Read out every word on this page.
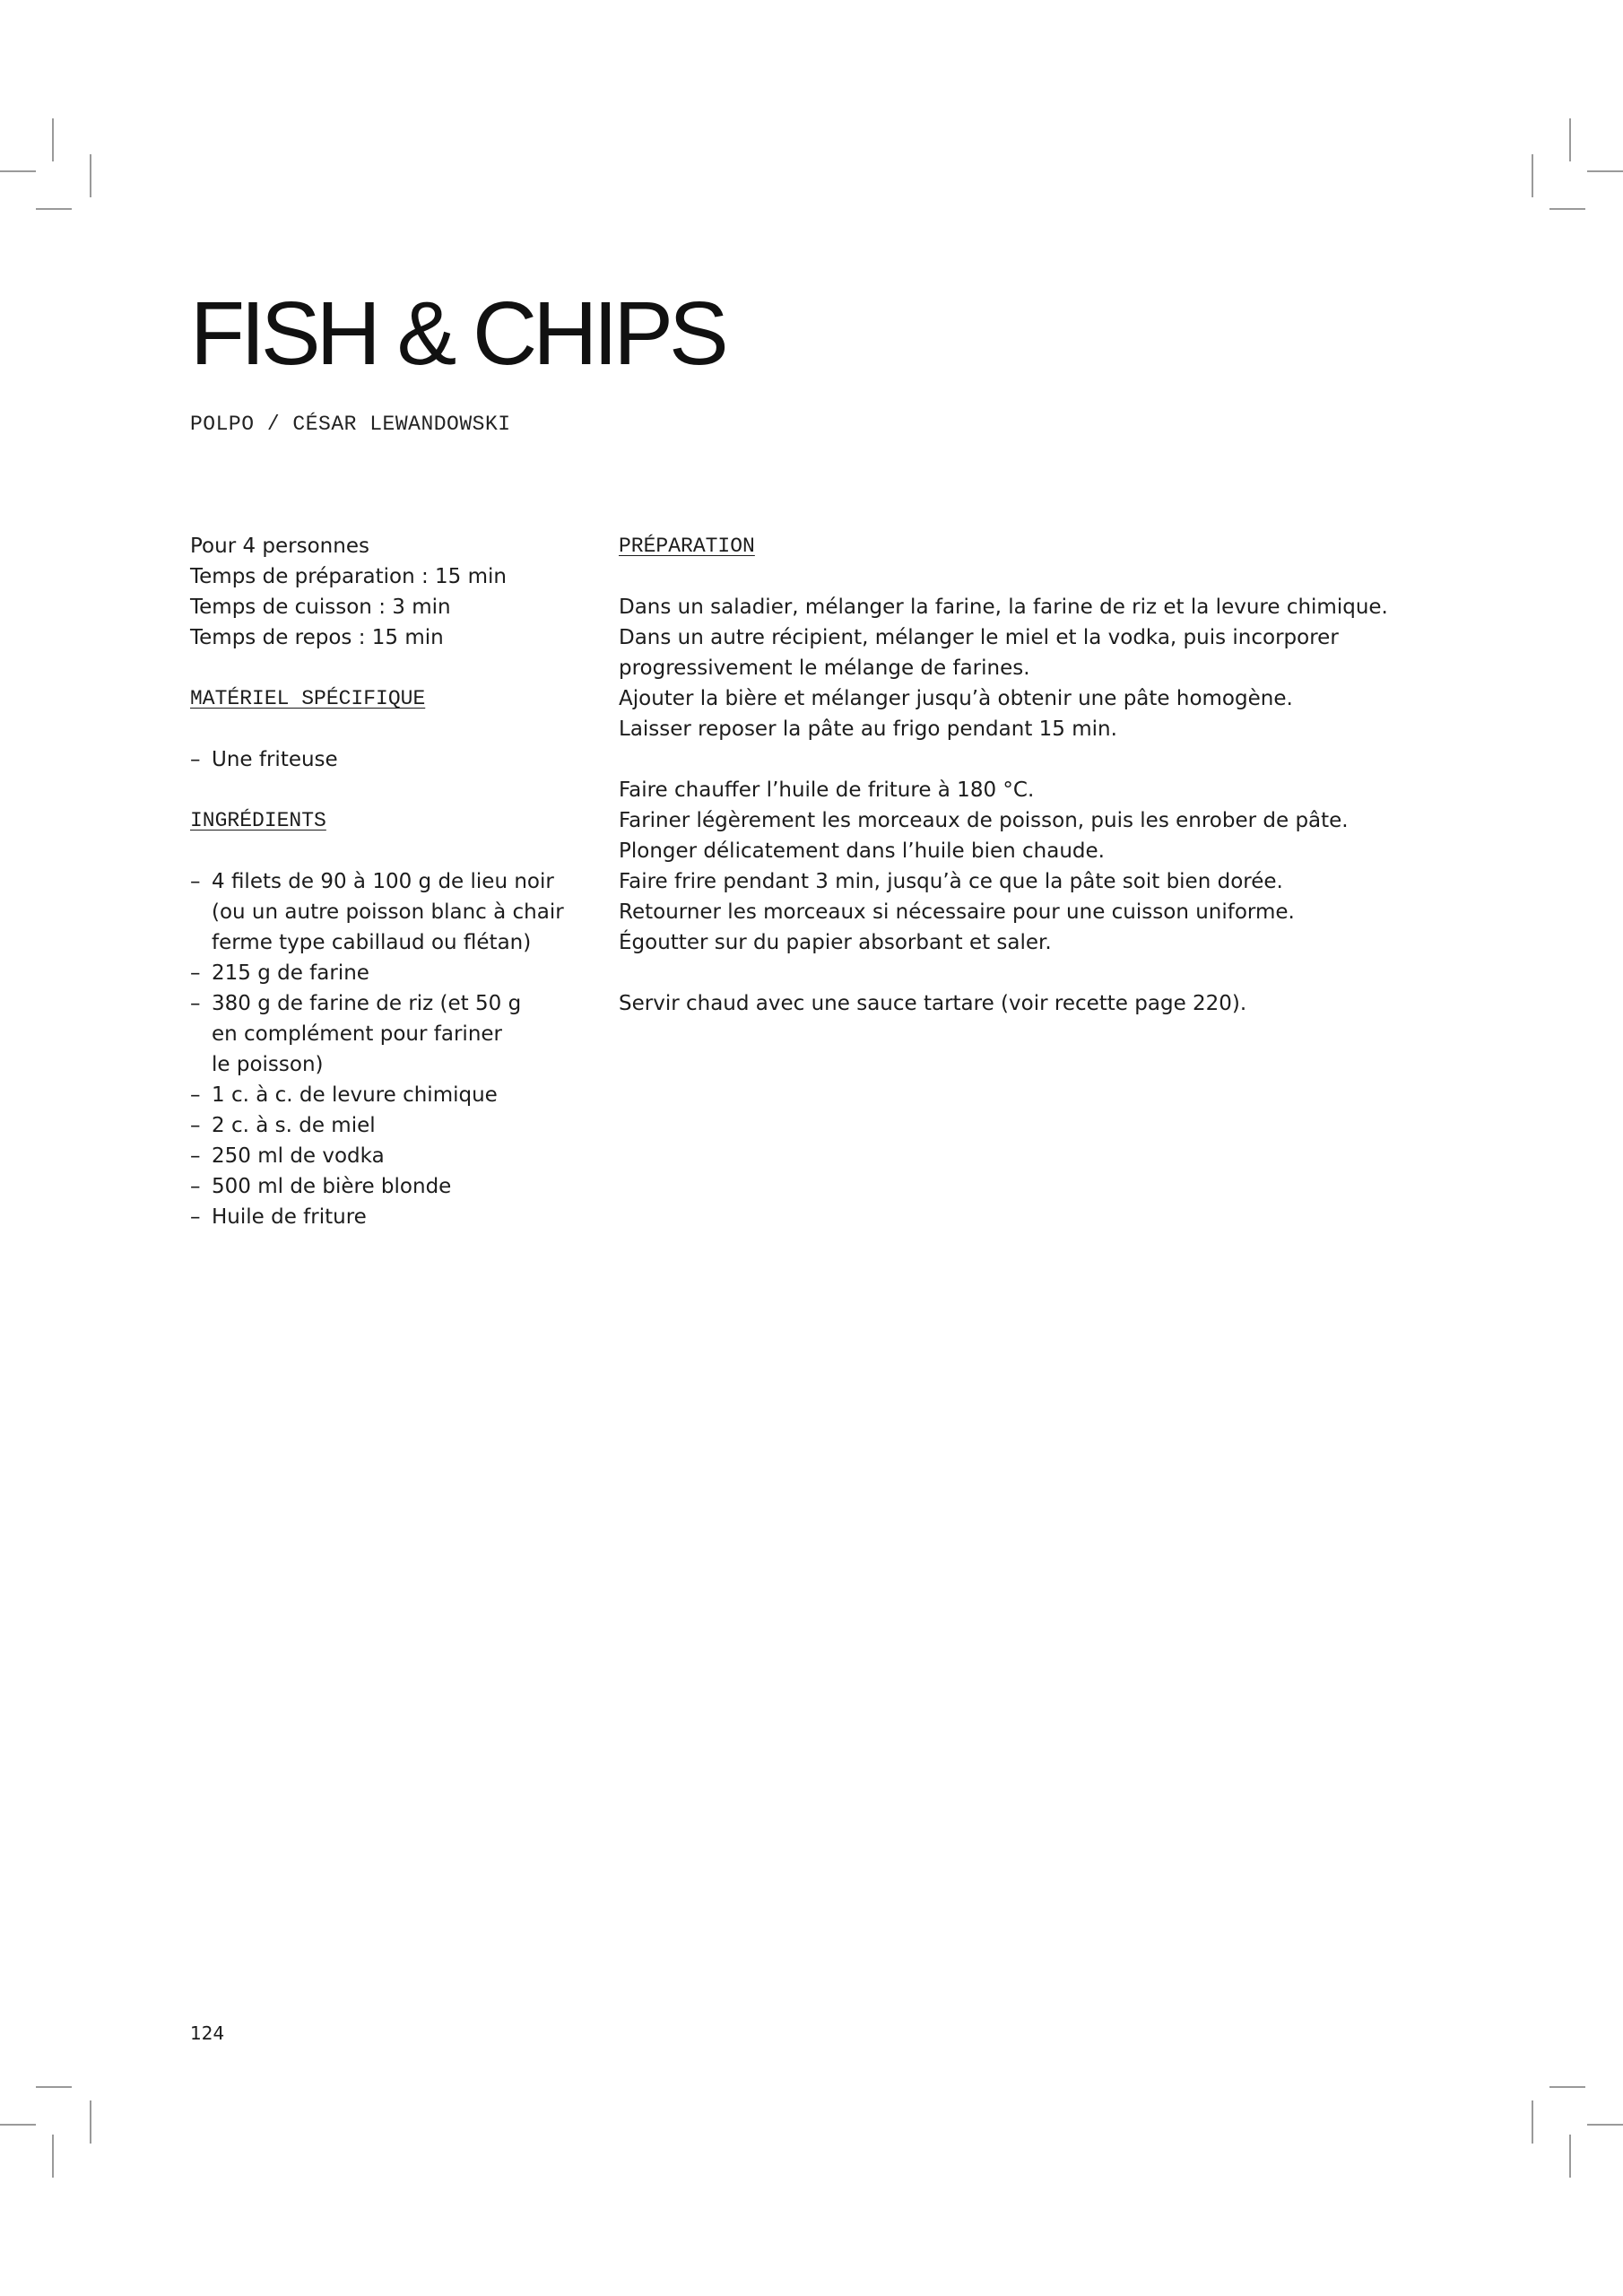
FISH & CHIPS
POLPO / CÉSAR LEWANDOWSKI
Pour 4 personnes
Temps de préparation : 15 min
Temps de cuisson : 3 min
Temps de repos : 15 min
MATÉRIEL SPÉCIFIQUE
– Une friteuse
INGRÉDIENTS
– 4 filets de 90 à 100 g de lieu noir
(ou un autre poisson blanc à chair
ferme type cabillaud ou flétan)
– 215 g de farine
– 380 g de farine de riz (et 50 g
en complément pour fariner
le poisson)
– 1 c. à c. de levure chimique
– 2 c. à s. de miel
– 250 ml de vodka
– 500 ml de bière blonde
– Huile de friture
PRÉPARATION
Dans un saladier, mélanger la farine, la farine de riz et la levure chimique.
Dans un autre récipient, mélanger le miel et la vodka, puis incorporer
progressivement le mélange de farines.
Ajouter la bière et mélanger jusqu’à obtenir une pâte homogène.
Laisser reposer la pâte au frigo pendant 15 min.
Faire chauffer l’huile de friture à 180 °C.
Fariner légèrement les morceaux de poisson, puis les enrober de pâte.
Plonger délicatement dans l’huile bien chaude.
Faire frire pendant 3 min, jusqu’à ce que la pâte soit bien dorée.
Retourner les morceaux si nécessaire pour une cuisson uniforme.
Égoutter sur du papier absorbant et saler.
Servir chaud avec une sauce tartare (voir recette page 220).
124
